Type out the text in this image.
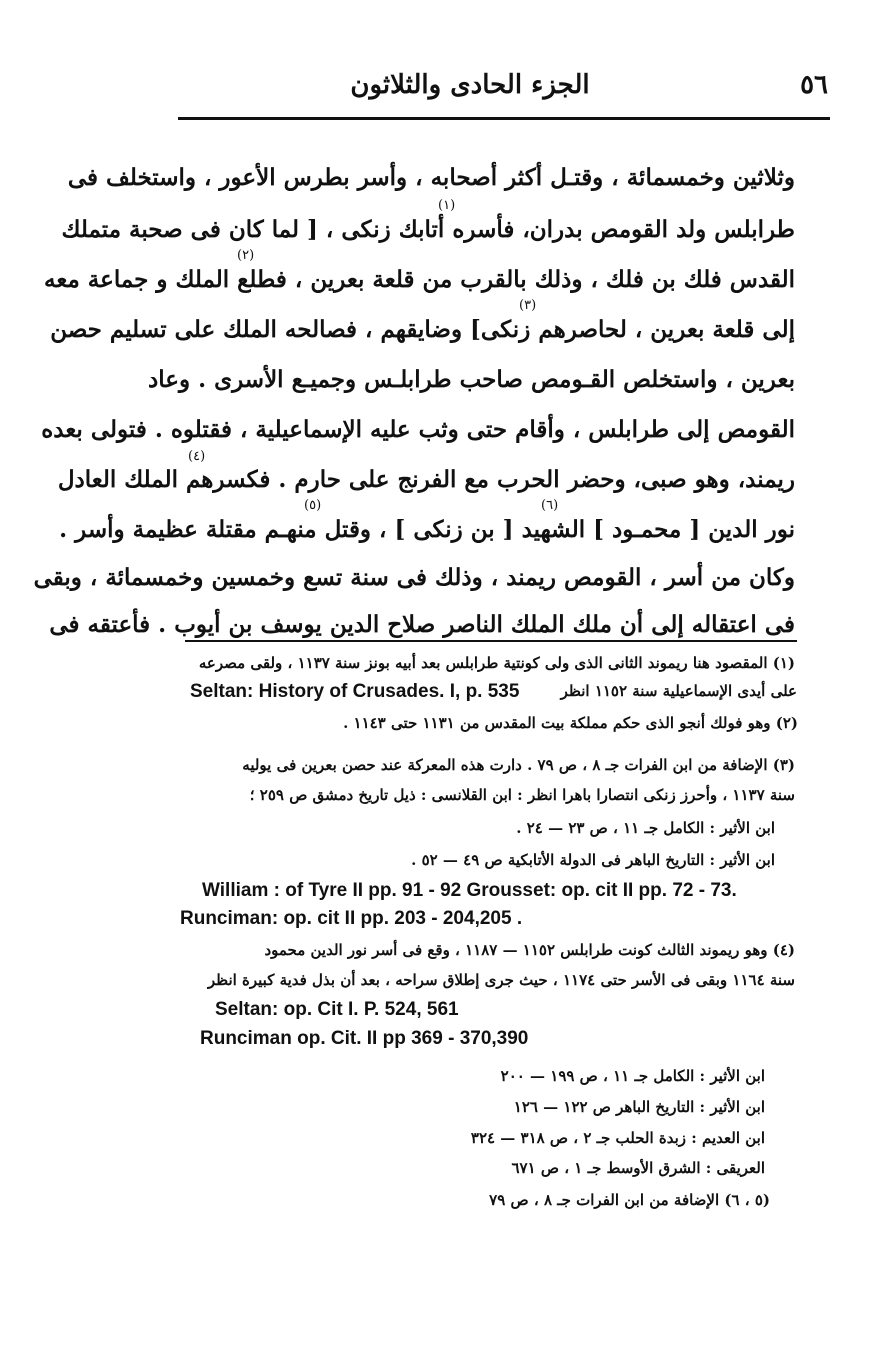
الجزء الحادى والثلاثون	٥٦
وثلاثين وخمسمائة ، وقتـل أكثر أصحابه ، وأسر بطرس الأعور ، واستخلف فى
طرابلس ولد القومص بدران، فأسره أتابك زنكى ، [ لما كان فى صحبة متملك
القدس فلك بن فلك ، وذلك بالقرب من قلعة بعرين ، فطلع الملك و جماعة معه
إلى قلعة بعرين ، لحاصرهم زنكى] وضايقهم ، فصالحه الملك على تسليم حصن
بعرين ، واستخلص القـومص صاحب طرابلـس وجميـع الأسرى . وعاد
القومص إلى طرابلس ، وأقام حتى وثب عليه الإسماعيلية ، فقتلوه . فتولى بعده
ريمند، وهو صبى، وحضر الحرب مع الفرنج على حارم . فكسرهم الملك العادل
نور الدين [ محمـود ] الشهيد [ بن زنكى ] ، وقتل منهـم مقتلة عظيمة وأسر .
وكان من أسر ، القومص ريمند ، وذلك فى سنة تسع وخمسين وخمسمائة ، وبقى
فى اعتقاله إلى أن ملك الملك الناصر صلاح الدين يوسف بن أيوب . فأعتقه فى
(١)
(٢)
(٣)
(٤)
(٥)	(٦)
(١) المقصود هنا ريموند الثانى الذى ولى كونتية طرابلس بعد أبيه بونز سنة ١١٣٧ ، ولقى مصرعه
على أيدى الإسماعيلية سنة ١١٥٢ انظر
Seltan: History of Crusades. I, p. 535
(٢) وهو فولك أنجو الذى حكم مملكة بيت المقدس من ١١٣١ حتى ١١٤٣ .
(٣) الإضافة من ابن الفرات جـ ٨ ، ص ٧٩ . دارت هذه المعركة عند حصن بعرين فى يوليه
سنة ١١٣٧ ، وأحرز زنكى انتصارا باهرا انظر : ابن القلانسى : ذيل تاريخ دمشق ص ٢٥٩ ؛
ابن الأثير : الكامل جـ ١١ ، ص ٢٣ — ٢٤ .
ابن الأثير : التاريخ الباهر فى الدولة الأتابكية ص ٤٩ — ٥٢ .
William : of Tyre II pp. 91 - 92 Grousset: op. cit II pp. 72 - 73.
Runciman: op. cit II pp. 203 - 204,205 .
(٤) وهو ريموند الثالث كونت طرابلس ١١٥٢ — ١١٨٧ ، وقع فى أسر نور الدين محمود
سنة ١١٦٤ وبقى فى الأسر حتى ١١٧٤ ، حيث جرى إطلاق سراحه ، بعد أن بذل فدية كبيرة انظر
Seltan: op. Cit I. P. 524, 561
Runciman op. Cit. II pp 369 - 370,390
ابن الأثير : الكامل جـ ١١ ، ص ١٩٩ — ٢٠٠
ابن الأثير : التاريخ الباهر ص ١٢٢ — ١٢٦
ابن العديم : زبدة الحلب جـ ٢ ، ص ٣١٨ — ٣٢٤
العريقى : الشرق الأوسط جـ ١ ، ص ٦٧١
(٥ ، ٦) الإضافة من ابن الفرات جـ ٨ ، ص ٧٩
